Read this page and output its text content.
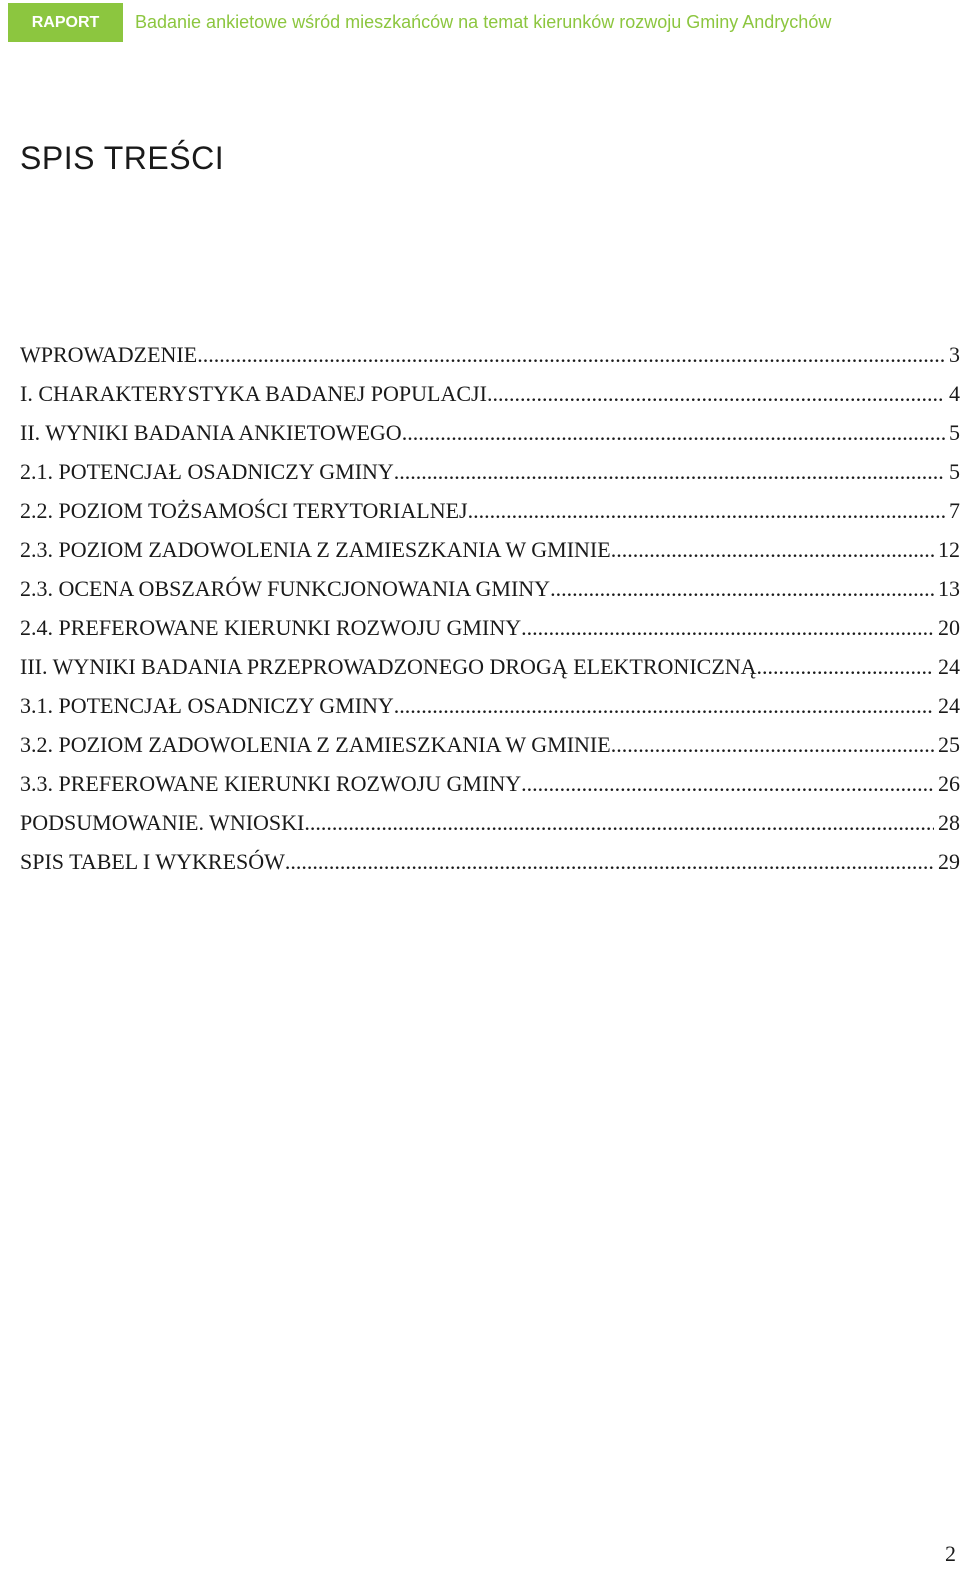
RAPORT	Badanie ankietowe wśród mieszkańców na temat kierunków rozwoju Gminy Andrychów
SPIS TREŚCI
WPROWADZENIE .....	3
I. CHARAKTERYSTYKA BADANEJ POPULACJI .....	4
II. WYNIKI BADANIA ANKIETOWEGO .....	5
2.1. POTENCJAŁ OSADNICZY GMINY .....	5
2.2. POZIOM TOŻSAMOŚCI TERYTORIALNEJ .....	7
2.3. POZIOM ZADOWOLENIA Z ZAMIESZKANIA W GMINIE .....	12
2.3. OCENA OBSZARÓW FUNKCJONOWANIA GMINY .....	13
2.4. PREFEROWANE KIERUNKI ROZWOJU GMINY .....	20
III. WYNIKI BADANIA PRZEPROWADZONEGO DROGĄ ELEKTRONICZNĄ .....	24
3.1. POTENCJAŁ OSADNICZY GMINY .....	24
3.2. POZIOM ZADOWOLENIA Z ZAMIESZKANIA W GMINIE .....	25
3.3. PREFEROWANE KIERUNKI ROZWOJU GMINY .....	26
PODSUMOWANIE. WNIOSKI .....	28
SPIS TABEL I WYKRESÓW .....	29
2
